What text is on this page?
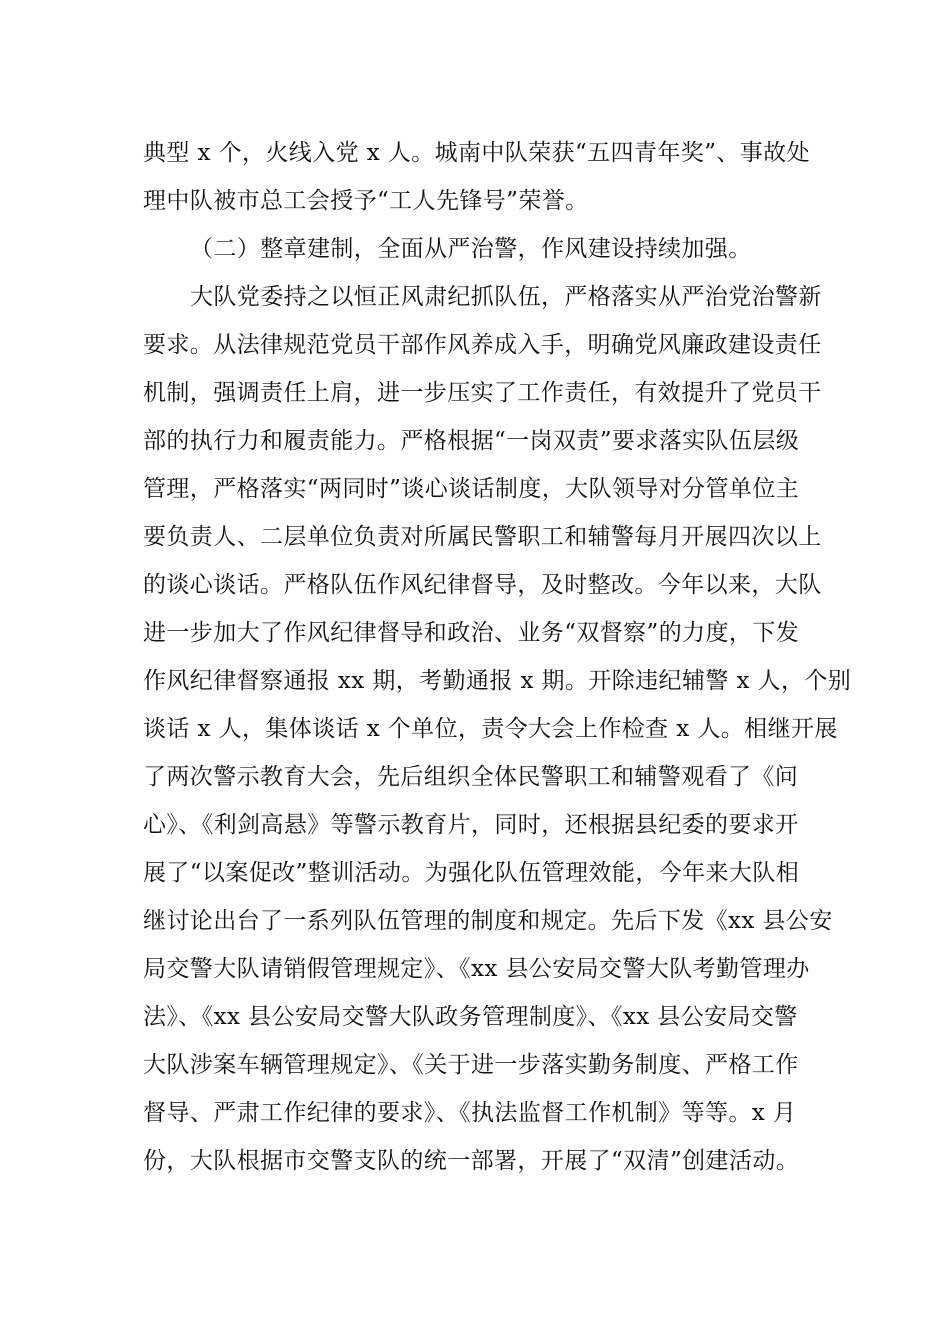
典型 x 个，火线入党 x 人。城南中队荣获“五四青年奖”、事故处
理中队被市总工会授予“工人先锋号”荣誉。
（二）整章建制，全面从严治警，作风建设持续加强。
大队党委持之以恒正风肃纪抓队伍，严格落实从严治党治警新
要求。从法律规范党员干部作风养成入手，明确党风廉政建设责任
机制，强调责任上肩，进一步压实了工作责任，有效提升了党员干
部的执行力和履责能力。严格根据“一岗双责”要求落实队伍层级
管理，严格落实“两同时”谈心谈话制度，大队领导对分管单位主
要负责人、二层单位负责对所属民警职工和辅警每月开展四次以上
的谈心谈话。严格队伍作风纪律督导，及时整改。今年以来，大队
进一步加大了作风纪律督导和政治、业务“双督察”的力度，下发
作风纪律督察通报 xx 期，考勤通报 x 期。开除违纪辅警 x 人，个别
谈话 x 人，集体谈话 x 个单位，责令大会上作检查 x 人。相继开展
了两次警示教育大会，先后组织全体民警职工和辅警观看了《问
心》、《利剑高悬》等警示教育片，同时，还根据县纪委的要求开
展了“以案促改”整训活动。为强化队伍管理效能，今年来大队相
继讨论出台了一系列队伍管理的制度和规定。先后下发《xx 县公安
局交警大队请销假管理规定》、《xx 县公安局交警大队考勤管理办
法》、《xx 县公安局交警大队政务管理制度》、《xx 县公安局交警
大队涉案车辆管理规定》、《关于进一步落实勤务制度、严格工作
督导、严肃工作纪律的要求》、《执法监督工作机制》等等。x 月
份，大队根据市交警支队的统一部署，开展了“双清”创建活动。
